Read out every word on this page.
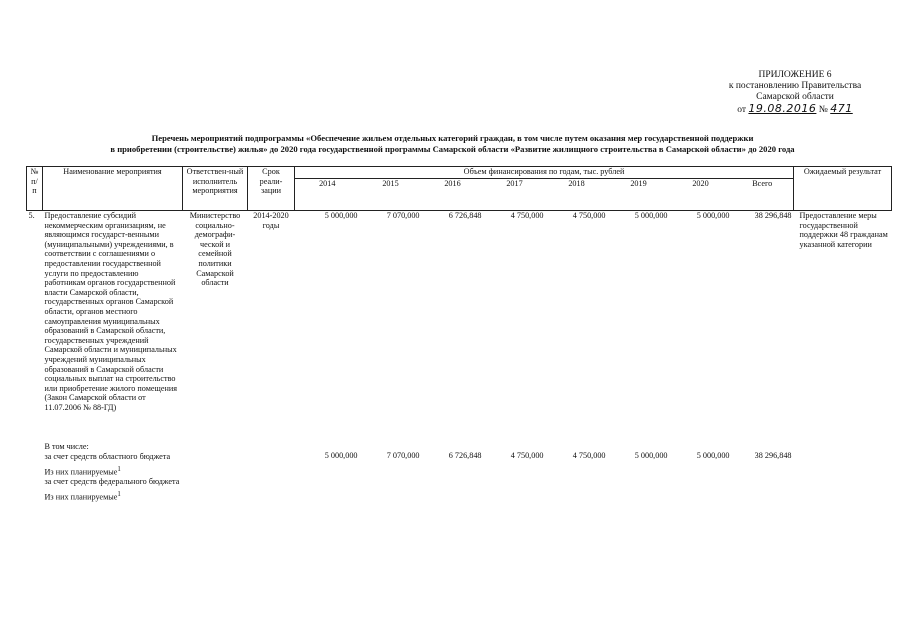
ПРИЛОЖЕНИЕ 6
к постановлению Правительства
Самарской области
от 19.08.2016 № 471
Перечень мероприятий подпрограммы «Обеспечение жильем отдельных категорий граждан, в том числе путем оказания мер государственной поддержки
в приобретении (строительстве) жилья» до 2020 года государственной программы Самарской области «Развитие жилищного строительства в Самарской области» до 2020 года
№ п/п	Наименование мероприятия	Ответствен-ный исполнитель мероприятия	Срок реали-зации	Объем финансирования по годам, тыс. рублей								Ожидаемый результат
				2014	2015	2016	2017	2018	2019	2020	Всего	
5.	Предоставление субсидий некоммерческим организациям, не являющимся государст-венными (муниципальными) учреждениями, в соответствии с соглашениями о предоставлении государственной услуги по предоставлению работникам органов государственной власти Самарской области, государственных органов Самарской области, органов местного самоуправления муниципальных образований в Самарской области, государственных учреждений Самарской области и муниципальных учреждений муниципальных образований в Самарской области социальных выплат на строительство или приобретение жилого помещения (Закон Самарской области от 11.07.2006 № 88-ГД)	Министерство социально-демографи-ческой и семейной политики Самарской области	2014-2020 годы	5 000,000	7 070,000	6 726,848	4 750,000	4 750,000	5 000,000	5 000,000	38 296,848	Предоставление меры государственной поддержки 48 гражданам указанной категории

	В том числе:
за счет средств областного бюджета			5 000,000	7 070,000	6 726,848	4 750,000	4 750,000	5 000,000	5 000,000	38 296,848	

	Из них планируемые$^1$
за счет средств федерального бюджета											

	Из них планируемые$^1$	
